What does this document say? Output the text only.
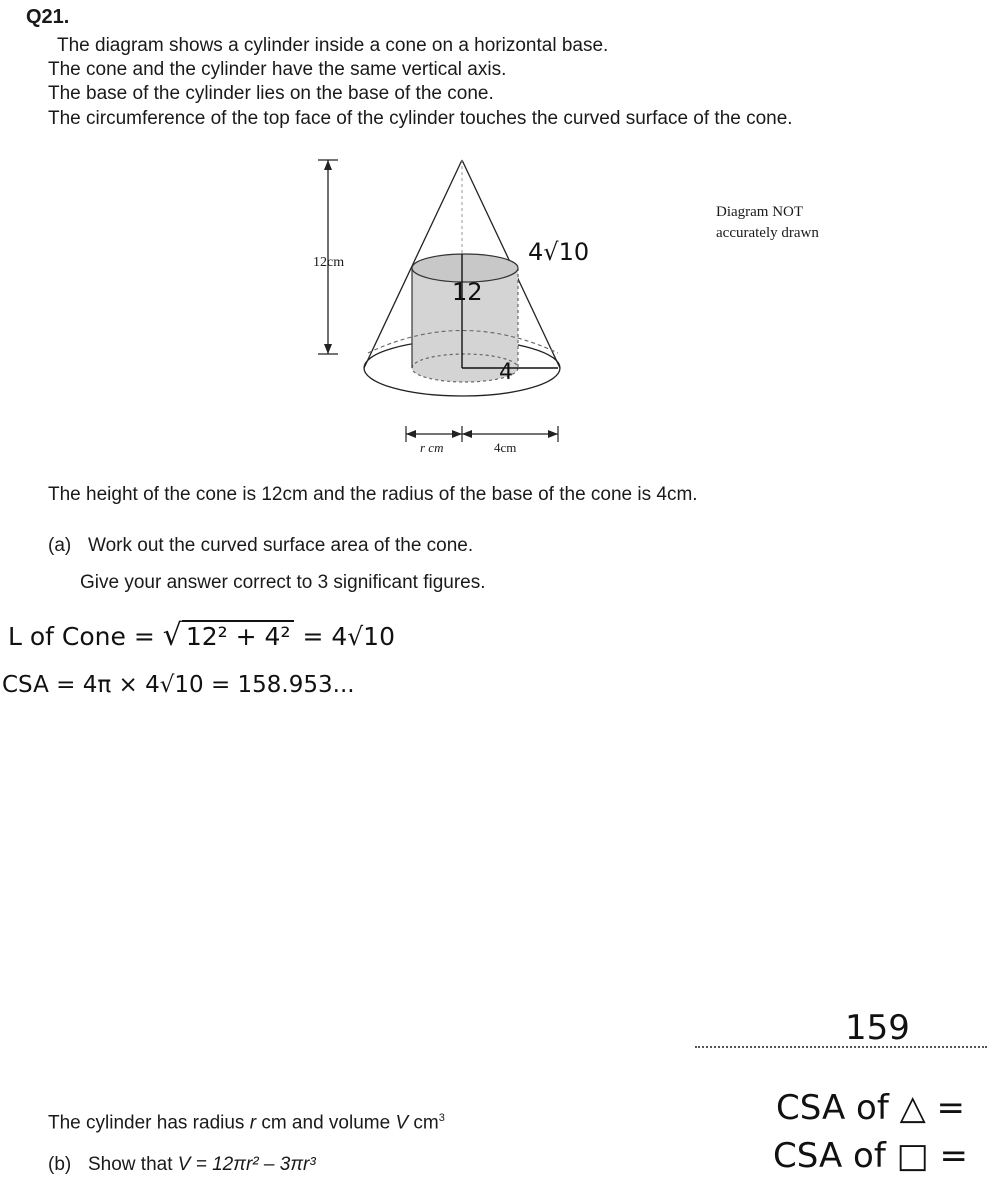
Q21.
The diagram shows a cylinder inside a cone on a horizontal base.
The cone and the cylinder have the same vertical axis.
The base of the cylinder lies on the base of the cone.
The circumference of the top face of the cylinder touches the curved surface of the cone.
12cm
r cm	4cm
Diagram NOT
accurately drawn
4√10
12
4
The height of the cone is 12cm and the radius of the base of the cone is 4cm.
(a) Work out the curved surface area of the cone.
Give your answer correct to 3 significant figures.
L of Cone = √ 12² + 4² = 4√10
CSA = 4π × 4√10 = 158.953...
159
The cylinder has radius r cm and volume V $cm^3$
(b) Show that V = 12πr² – 3πr³
CSA of △ =
CSA of □ =
